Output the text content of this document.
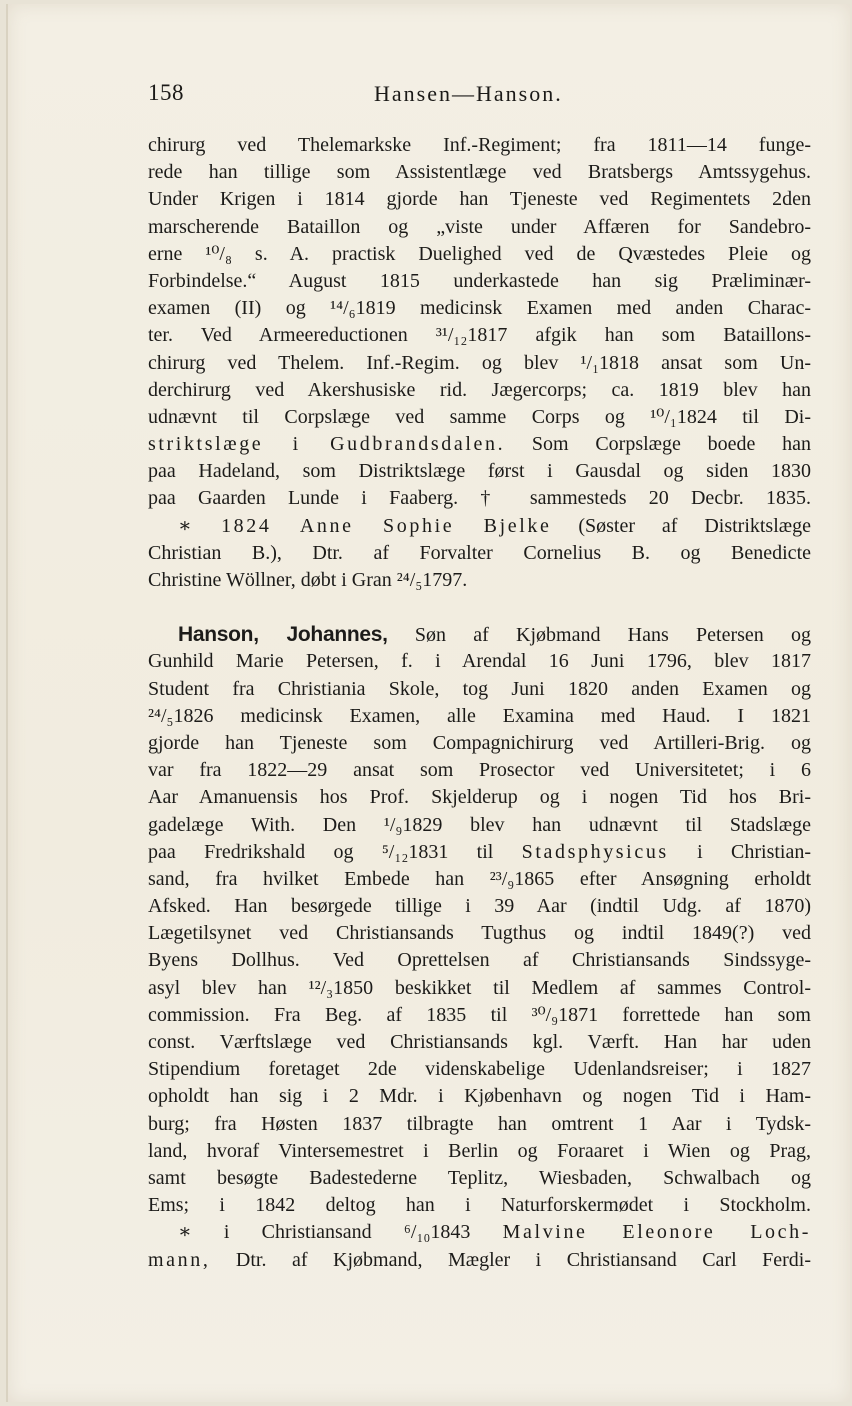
158	Hansen—Hanson.
chirurg ved Thelemarkske Inf.-Regiment; fra 1811—14 funge-
rede han tillige som Assistentlæge ved Bratsbergs Amtssygehus.
Under Krigen i 1814 gjorde han Tjeneste ved Regimentets 2den
marscherende Bataillon og „viste under Affæren for Sandebro-
erne ¹⁰/₈ s. A. practisk Duelighed ved de Qvæstedes Pleie og
Forbindelse.“ August 1815 underkastede han sig Præliminær-
examen (II) og ¹⁴/₆1819 medicinsk Examen med anden Charac-
ter. Ved Armeereductionen ³¹/₁₂1817 afgik han som Bataillons-
chirurg ved Thelem. Inf.-Regim. og blev ¹/₁1818 ansat som Un-
derchirurg ved Akershusiske rid. Jægercorps; ca. 1819 blev han
udnævnt til Corpslæge ved samme Corps og ¹⁰/₁1824 til Di-
striktslæge i Gudbrandsdalen. Som Corpslæge boede han
paa Hadeland, som Distriktslæge først i Gausdal og siden 1830
paa Gaarden Lunde i Faaberg. † sammesteds 20 Decbr. 1835.
∗ 1824 Anne Sophie Bjelke (Søster af Distriktslæge
Christian B.), Dtr. af Forvalter Cornelius B. og Benedicte
Christine Wöllner, døbt i Gran ²⁴/₅1797.
Hanson, Johannes, Søn af Kjøbmand Hans Petersen og
Gunhild Marie Petersen, f. i Arendal 16 Juni 1796, blev 1817
Student fra Christiania Skole, tog Juni 1820 anden Examen og
²⁴/₅1826 medicinsk Examen, alle Examina med Haud. I 1821
gjorde han Tjeneste som Compagnichirurg ved Artilleri-Brig. og
var fra 1822—29 ansat som Prosector ved Universitetet; i 6
Aar Amanuensis hos Prof. Skjelderup og i nogen Tid hos Bri-
gadelæge With. Den ¹/₉1829 blev han udnævnt til Stadslæge
paa Fredrikshald og ⁵/₁₂1831 til Stadsphysicus i Christian-
sand, fra hvilket Embede han ²³/₉1865 efter Ansøgning erholdt
Afsked. Han besørgede tillige i 39 Aar (indtil Udg. af 1870)
Lægetilsynet ved Christiansands Tugthus og indtil 1849(?) ved
Byens Dollhus. Ved Oprettelsen af Christiansands Sindssyge-
asyl blev han ¹²/₃1850 beskikket til Medlem af sammes Control-
commission. Fra Beg. af 1835 til ³⁰/₉1871 forrettede han som
const. Værftslæge ved Christiansands kgl. Værft. Han har uden
Stipendium foretaget 2de videnskabelige Udenlandsreiser; i 1827
opholdt han sig i 2 Mdr. i Kjøbenhavn og nogen Tid i Ham-
burg; fra Høsten 1837 tilbragte han omtrent 1 Aar i Tydsk-
land, hvoraf Vintersemestret i Berlin og Foraaret i Wien og Prag,
samt besøgte Badestederne Teplitz, Wiesbaden, Schwalbach og
Ems; i 1842 deltog han i Naturforskermødet i Stockholm.
∗ i Christiansand ⁶/₁₀1843 Malvine Eleonore Loch-
mann, Dtr. af Kjøbmand, Mægler i Christiansand Carl Ferdi-
